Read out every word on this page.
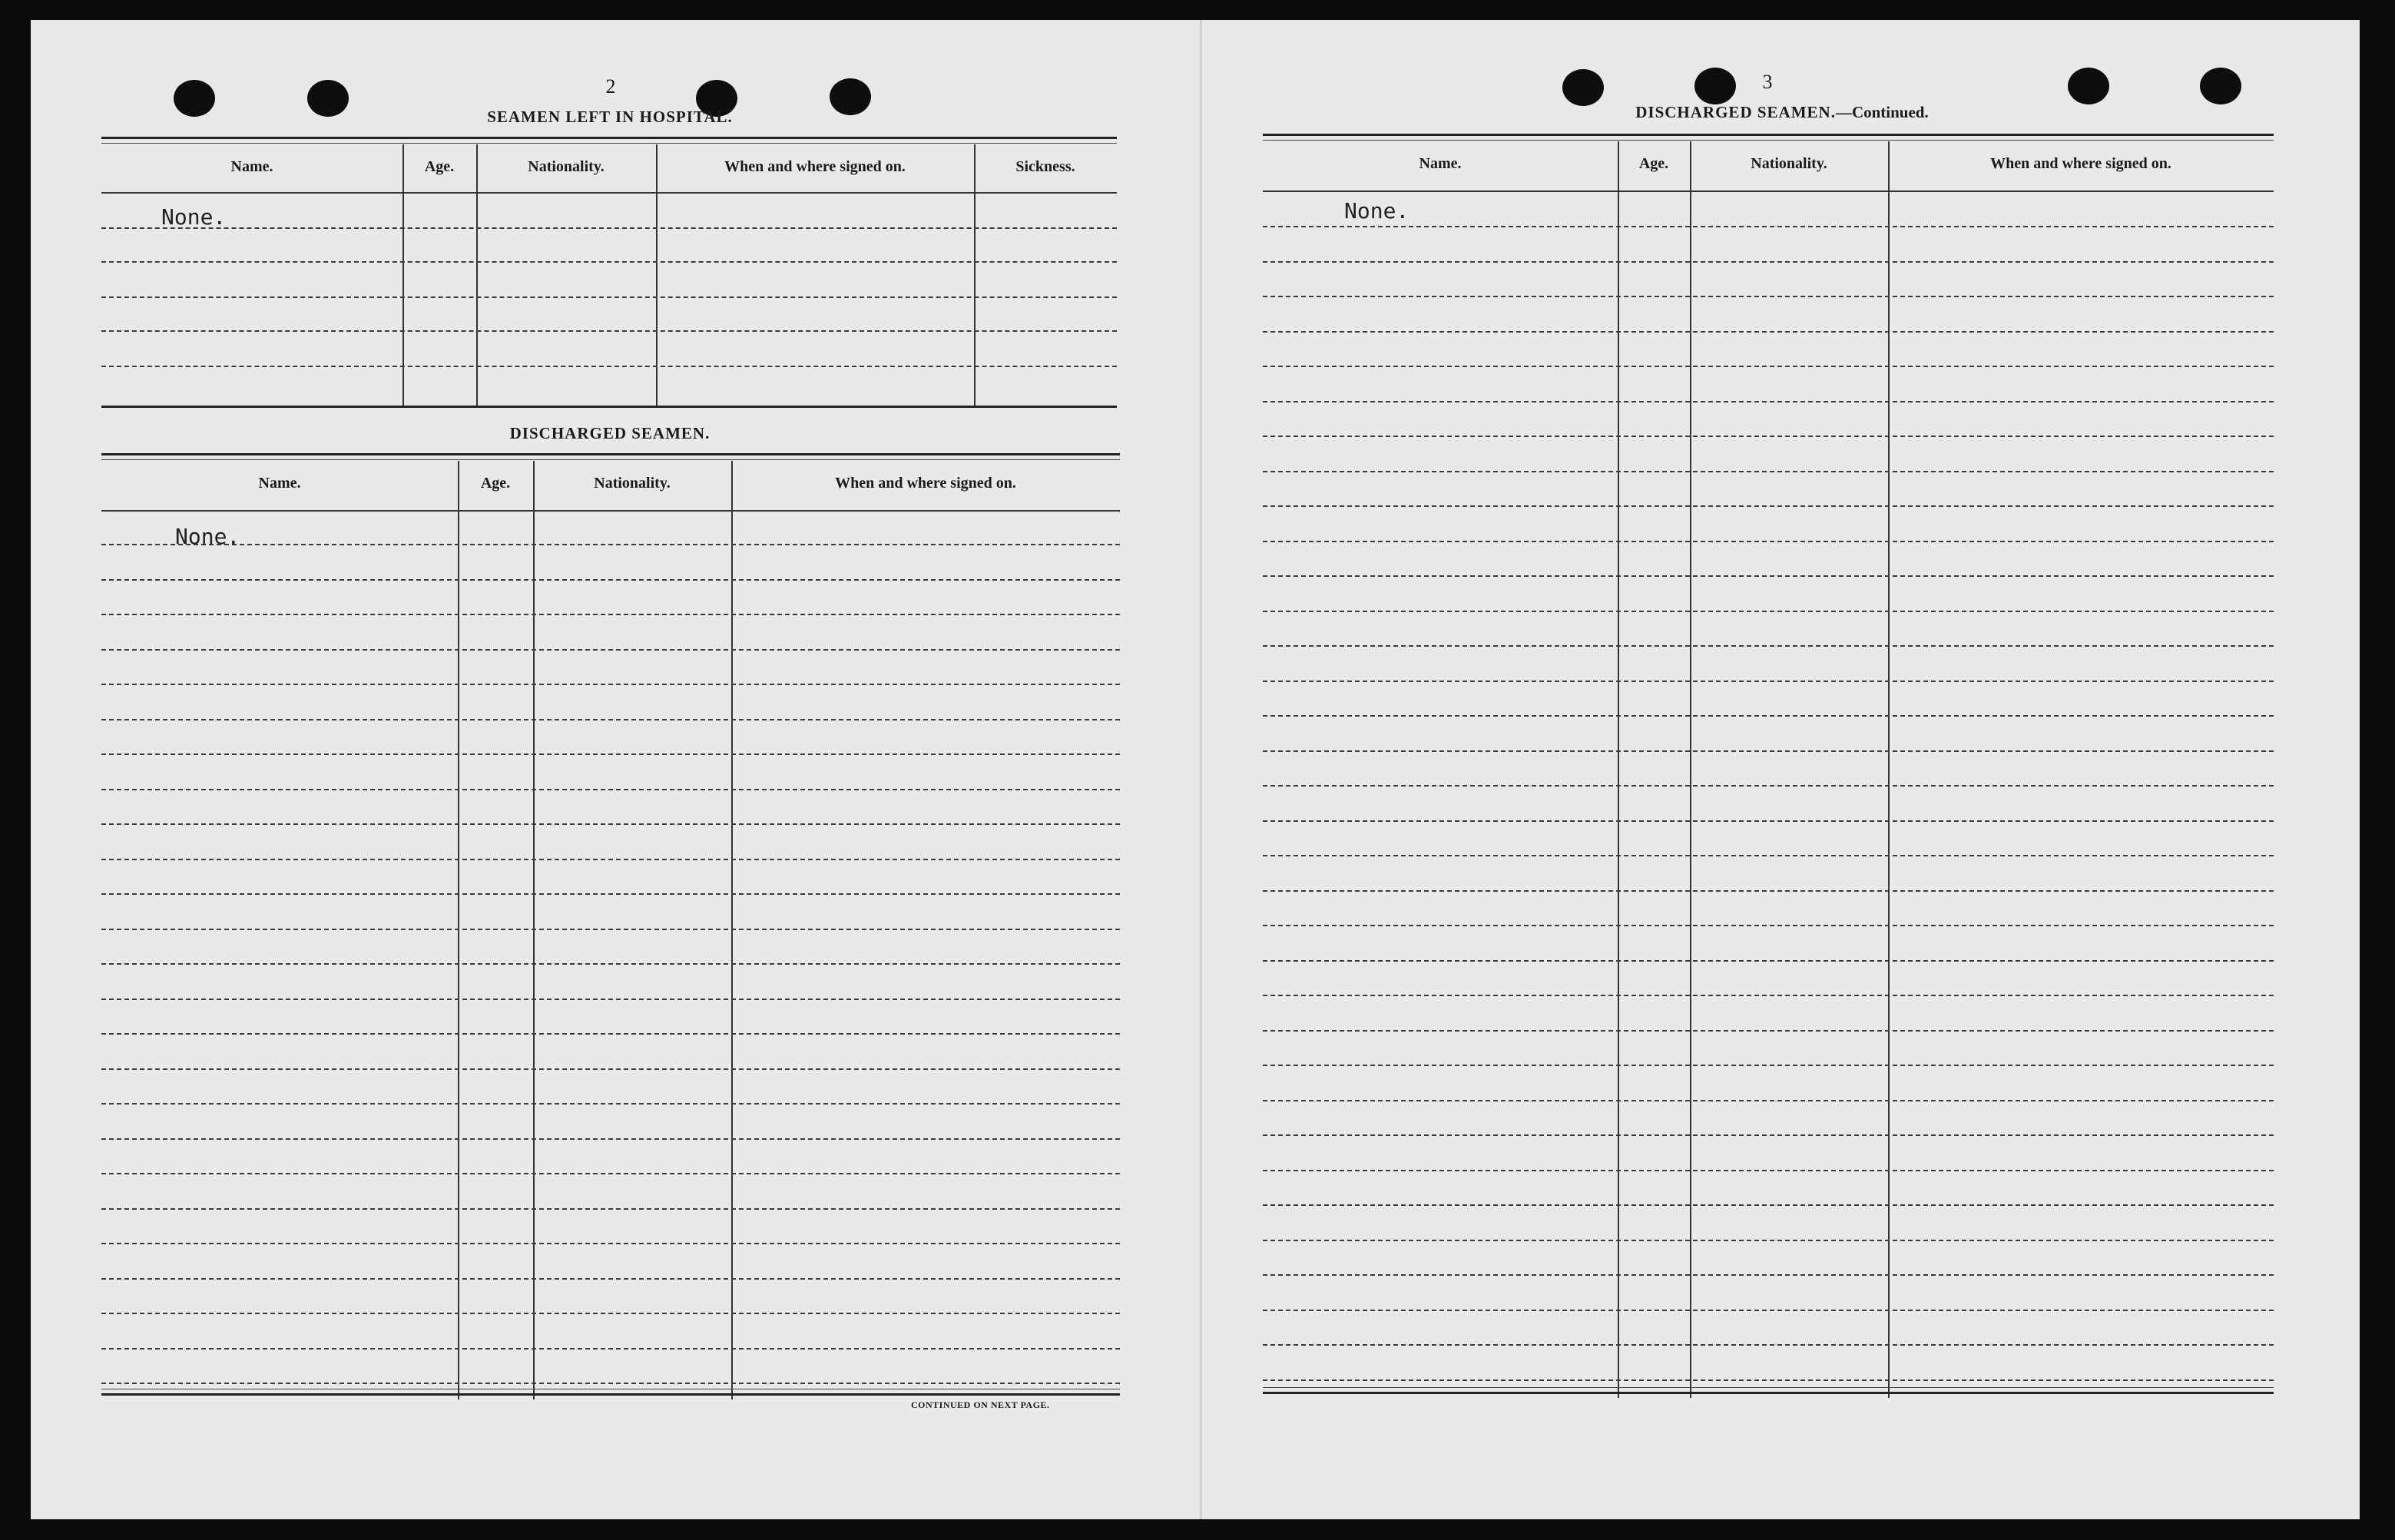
2
SEAMEN LEFT IN HOSPITAL.
Name.	Age.	Nationality.	When and where signed on.	Sickness.
None.
DISCHARGED SEAMEN.
Name.	Age.	Nationality.	When and where signed on.
None.
CONTINUED ON NEXT PAGE.
3
DISCHARGED SEAMEN.—Continued.
Name.	Age.	Nationality.	When and where signed on.
None.
